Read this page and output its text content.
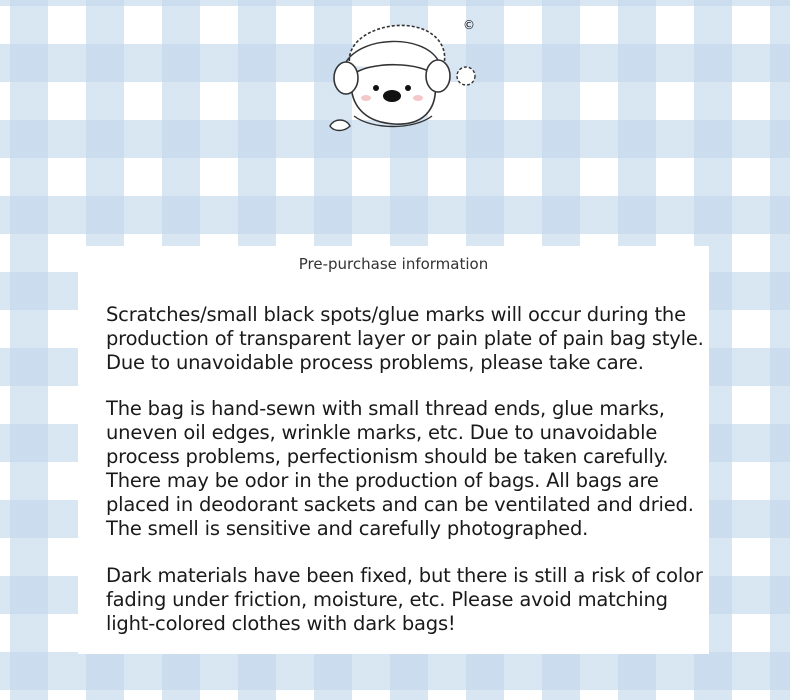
©
Pre-purchase information

Scratches/small black spots/glue marks will occur during the production of transparent layer or pain plate of pain bag style. Due to unavoidable process problems, please take care.

The bag is hand-sewn with small thread ends, glue marks, uneven oil edges, wrinkle marks, etc. Due to unavoidable process problems, perfectionism should be taken carefully. There may be odor in the production of bags. All bags are placed in deodorant sackets and can be ventilated and dried. The smell is sensitive and carefully photographed.

Dark materials have been fixed, but there is still a risk of color fading under friction, moisture, etc. Please avoid matching light-colored clothes with dark bags!
